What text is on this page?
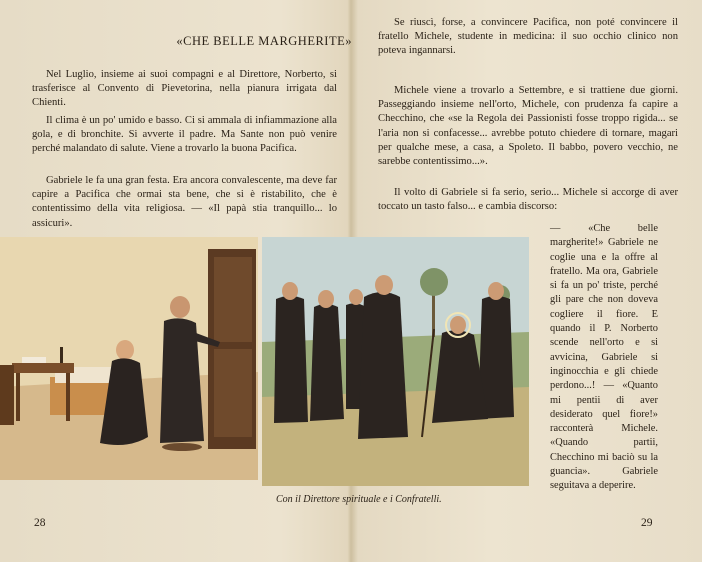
«CHE BELLE MARGHERITE»

Nel Luglio, insieme ai suoi compagni e al Direttore, Norberto, si trasferisce al Convento di Pievetorina, nella pianura irrigata dal Chienti.

Il clima è un po' umido e basso. Ci si ammala di infiammazione alla gola, e di bronchite. Si avverte il padre. Ma Sante non può venire perché malandato di salute. Viene a trovarlo la buona Pacifica.

Gabriele le fa una gran festa. Era ancora convalescente, ma deve far capire a Pacifica che ormai sta bene, che si è ristabilito, che è contentissimo della vita religiosa. — «Il papà stia tranquillo... lo assicuri».

Con il Direttore spirituale e i Confratelli.
28

Se riuscì, forse, a convincere Pacifica, non poté convincere il fratello Michele, studente in medicina: il suo occhio clinico non poteva ingannarsi.

Michele viene a trovarlo a Settembre, e si trattiene due giorni. Passeggiando insieme nell'orto, Michele, con prudenza fa capire a Checchino, che «se la Regola dei Passionisti fosse troppo rigida... se l'aria non si confacesse... avrebbe potuto chiedere di tornare, magari per qualche mese, a casa, a Spoleto. Il babbo, povero vecchio, ne sarebbe contentissimo...».

Il volto di Gabriele si fa serio, serio... Michele si accorge di aver toccato un tasto falso... e cambia discorso:

— «Che belle margherite!» Gabriele ne coglie una e la offre al fratello. Ma ora, Gabriele si fa un po' triste, perché gli pare che non doveva cogliere il fiore. E quando il P. Norberto scende nell'orto e si avvicina, Gabriele si inginocchia e gli chiede perdono...! — «Quanto mi pentii di aver desiderato quel fiore!» racconterà Michele. «Quando partii, Checchino mi baciò su la guancia». Gabriele seguitava a deperire.

29
